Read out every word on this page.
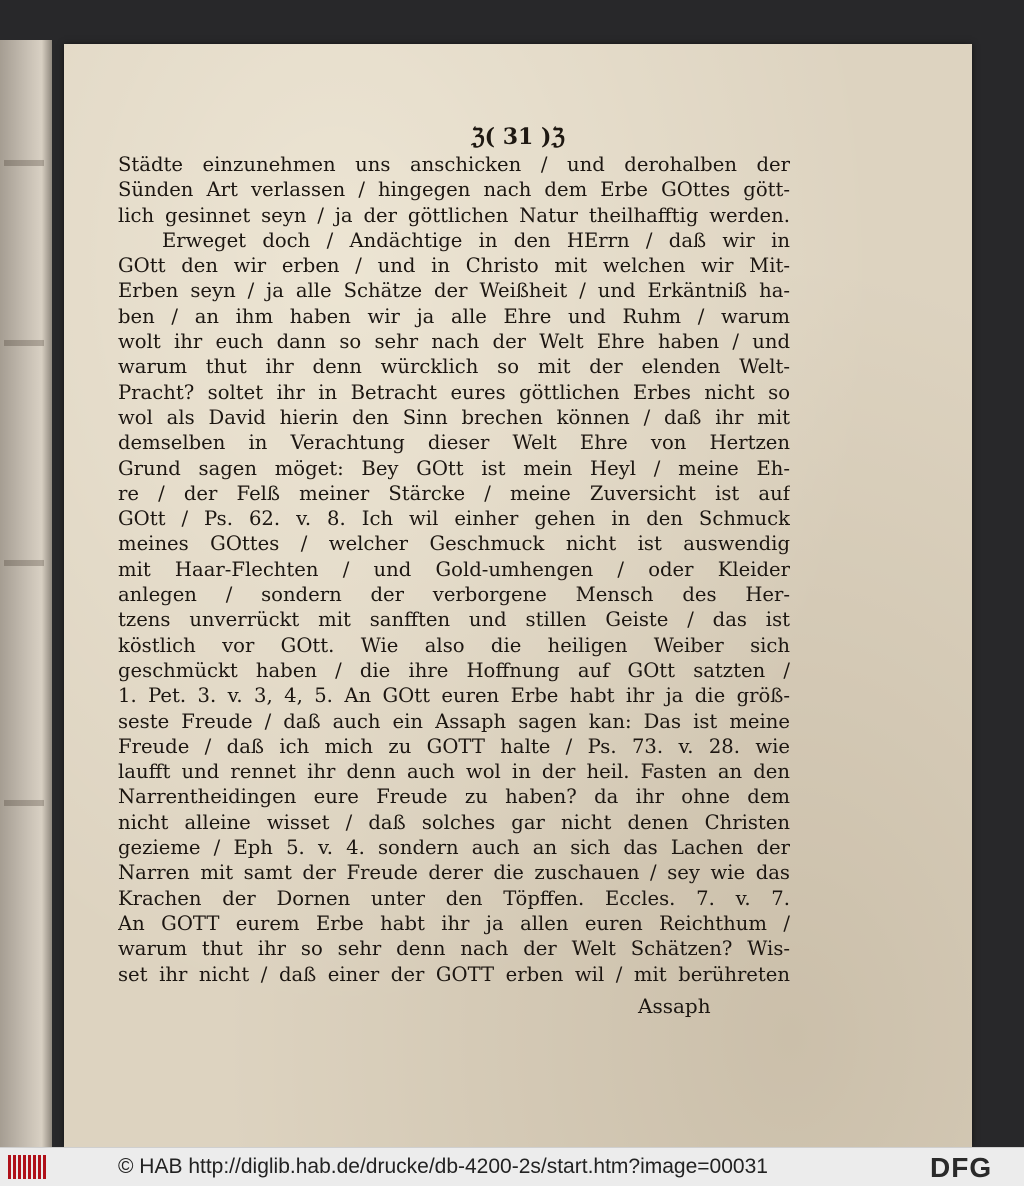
ℨ( 31 )ℨ
Städte einzunehmen uns anschicken / und derohalben der
Sünden Art verlassen / hingegen nach dem Erbe GOttes gött-
lich gesinnet seyn / ja der göttlichen Natur theilhafftig werden.
Erweget doch / Andächtige in den HErrn / daß wir in
GOtt den wir erben / und in Christo mit welchen wir Mit-
Erben seyn / ja alle Schätze der Weißheit / und Erkäntniß ha-
ben / an ihm haben wir ja alle Ehre und Ruhm / warum
wolt ihr euch dann so sehr nach der Welt Ehre haben / und
warum thut ihr denn würcklich so mit der elenden Welt-
Pracht? soltet ihr in Betracht eures göttlichen Erbes nicht so
wol als David hierin den Sinn brechen können / daß ihr mit
demselben in Verachtung dieser Welt Ehre von Hertzen
Grund sagen möget: Bey GOtt ist mein Heyl / meine Eh-
re / der Felß meiner Stärcke / meine Zuversicht ist auf
GOtt / Ps. 62. v. 8. Ich wil einher gehen in den Schmuck
meines GOttes / welcher Geschmuck nicht ist auswendig
mit Haar-Flechten / und Gold-umhengen / oder Kleider
anlegen / sondern der verborgene Mensch des Her-
tzens unverrückt mit sanfften und stillen Geiste / das ist
köstlich vor GOtt. Wie also die heiligen Weiber sich
geschmückt haben / die ihre Hoffnung auf GOtt satzten /
1. Pet. 3. v. 3, 4, 5. An GOtt euren Erbe habt ihr ja die größ-
seste Freude / daß auch ein Assaph sagen kan: Das ist meine
Freude / daß ich mich zu GOTT halte / Ps. 73. v. 28. wie
laufft und rennet ihr denn auch wol in der heil. Fasten an den
Narrentheidingen eure Freude zu haben? da ihr ohne dem
nicht alleine wisset / daß solches gar nicht denen Christen
gezieme / Eph 5. v. 4. sondern auch an sich das Lachen der
Narren mit samt der Freude derer die zuschauen / sey wie das
Krachen der Dornen unter den Töpffen. Eccles. 7. v. 7.
An GOTT eurem Erbe habt ihr ja allen euren Reichthum /
warum thut ihr so sehr denn nach der Welt Schätzen? Wis-
set ihr nicht / daß einer der GOTT erben wil / mit berühreten
Assaph
© HAB http://diglib.hab.de/drucke/db-4200-2s/start.htm?image=00031	DFG
